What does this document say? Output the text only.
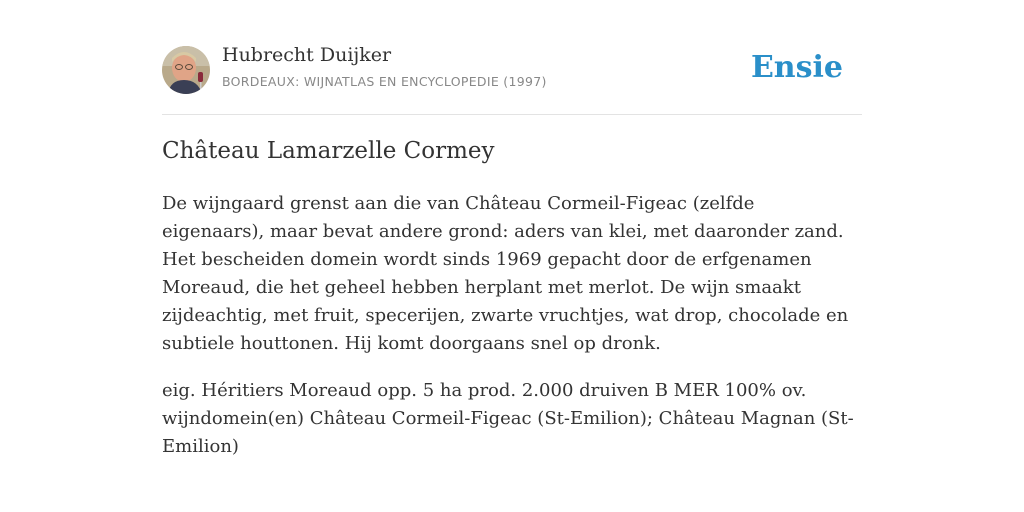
Hubrecht Duijker
BORDEAUX: WIJNATLAS EN ENCYCLOPEDIE (1997)	Ensie
Château Lamarzelle Cormey

De wijngaard grenst aan die van Château Cormeil-Figeac (zelfde eigenaars), maar bevat andere grond: aders van klei, met daaronder zand. Het bescheiden domein wordt sinds 1969 gepacht door de erfgenamen Moreaud, die het geheel hebben herplant met merlot. De wijn smaakt zijdeachtig, met fruit, specerijen, zwarte vruchtjes, wat drop, chocolade en subtiele houttonen. Hij komt doorgaans snel op dronk.

eig. Héritiers Moreaud opp. 5 ha prod. 2.000 druiven B MER 100% ov. wijndomein(en) Château Cormeil-Figeac (St-Emilion); Château Magnan (St-Emilion)
